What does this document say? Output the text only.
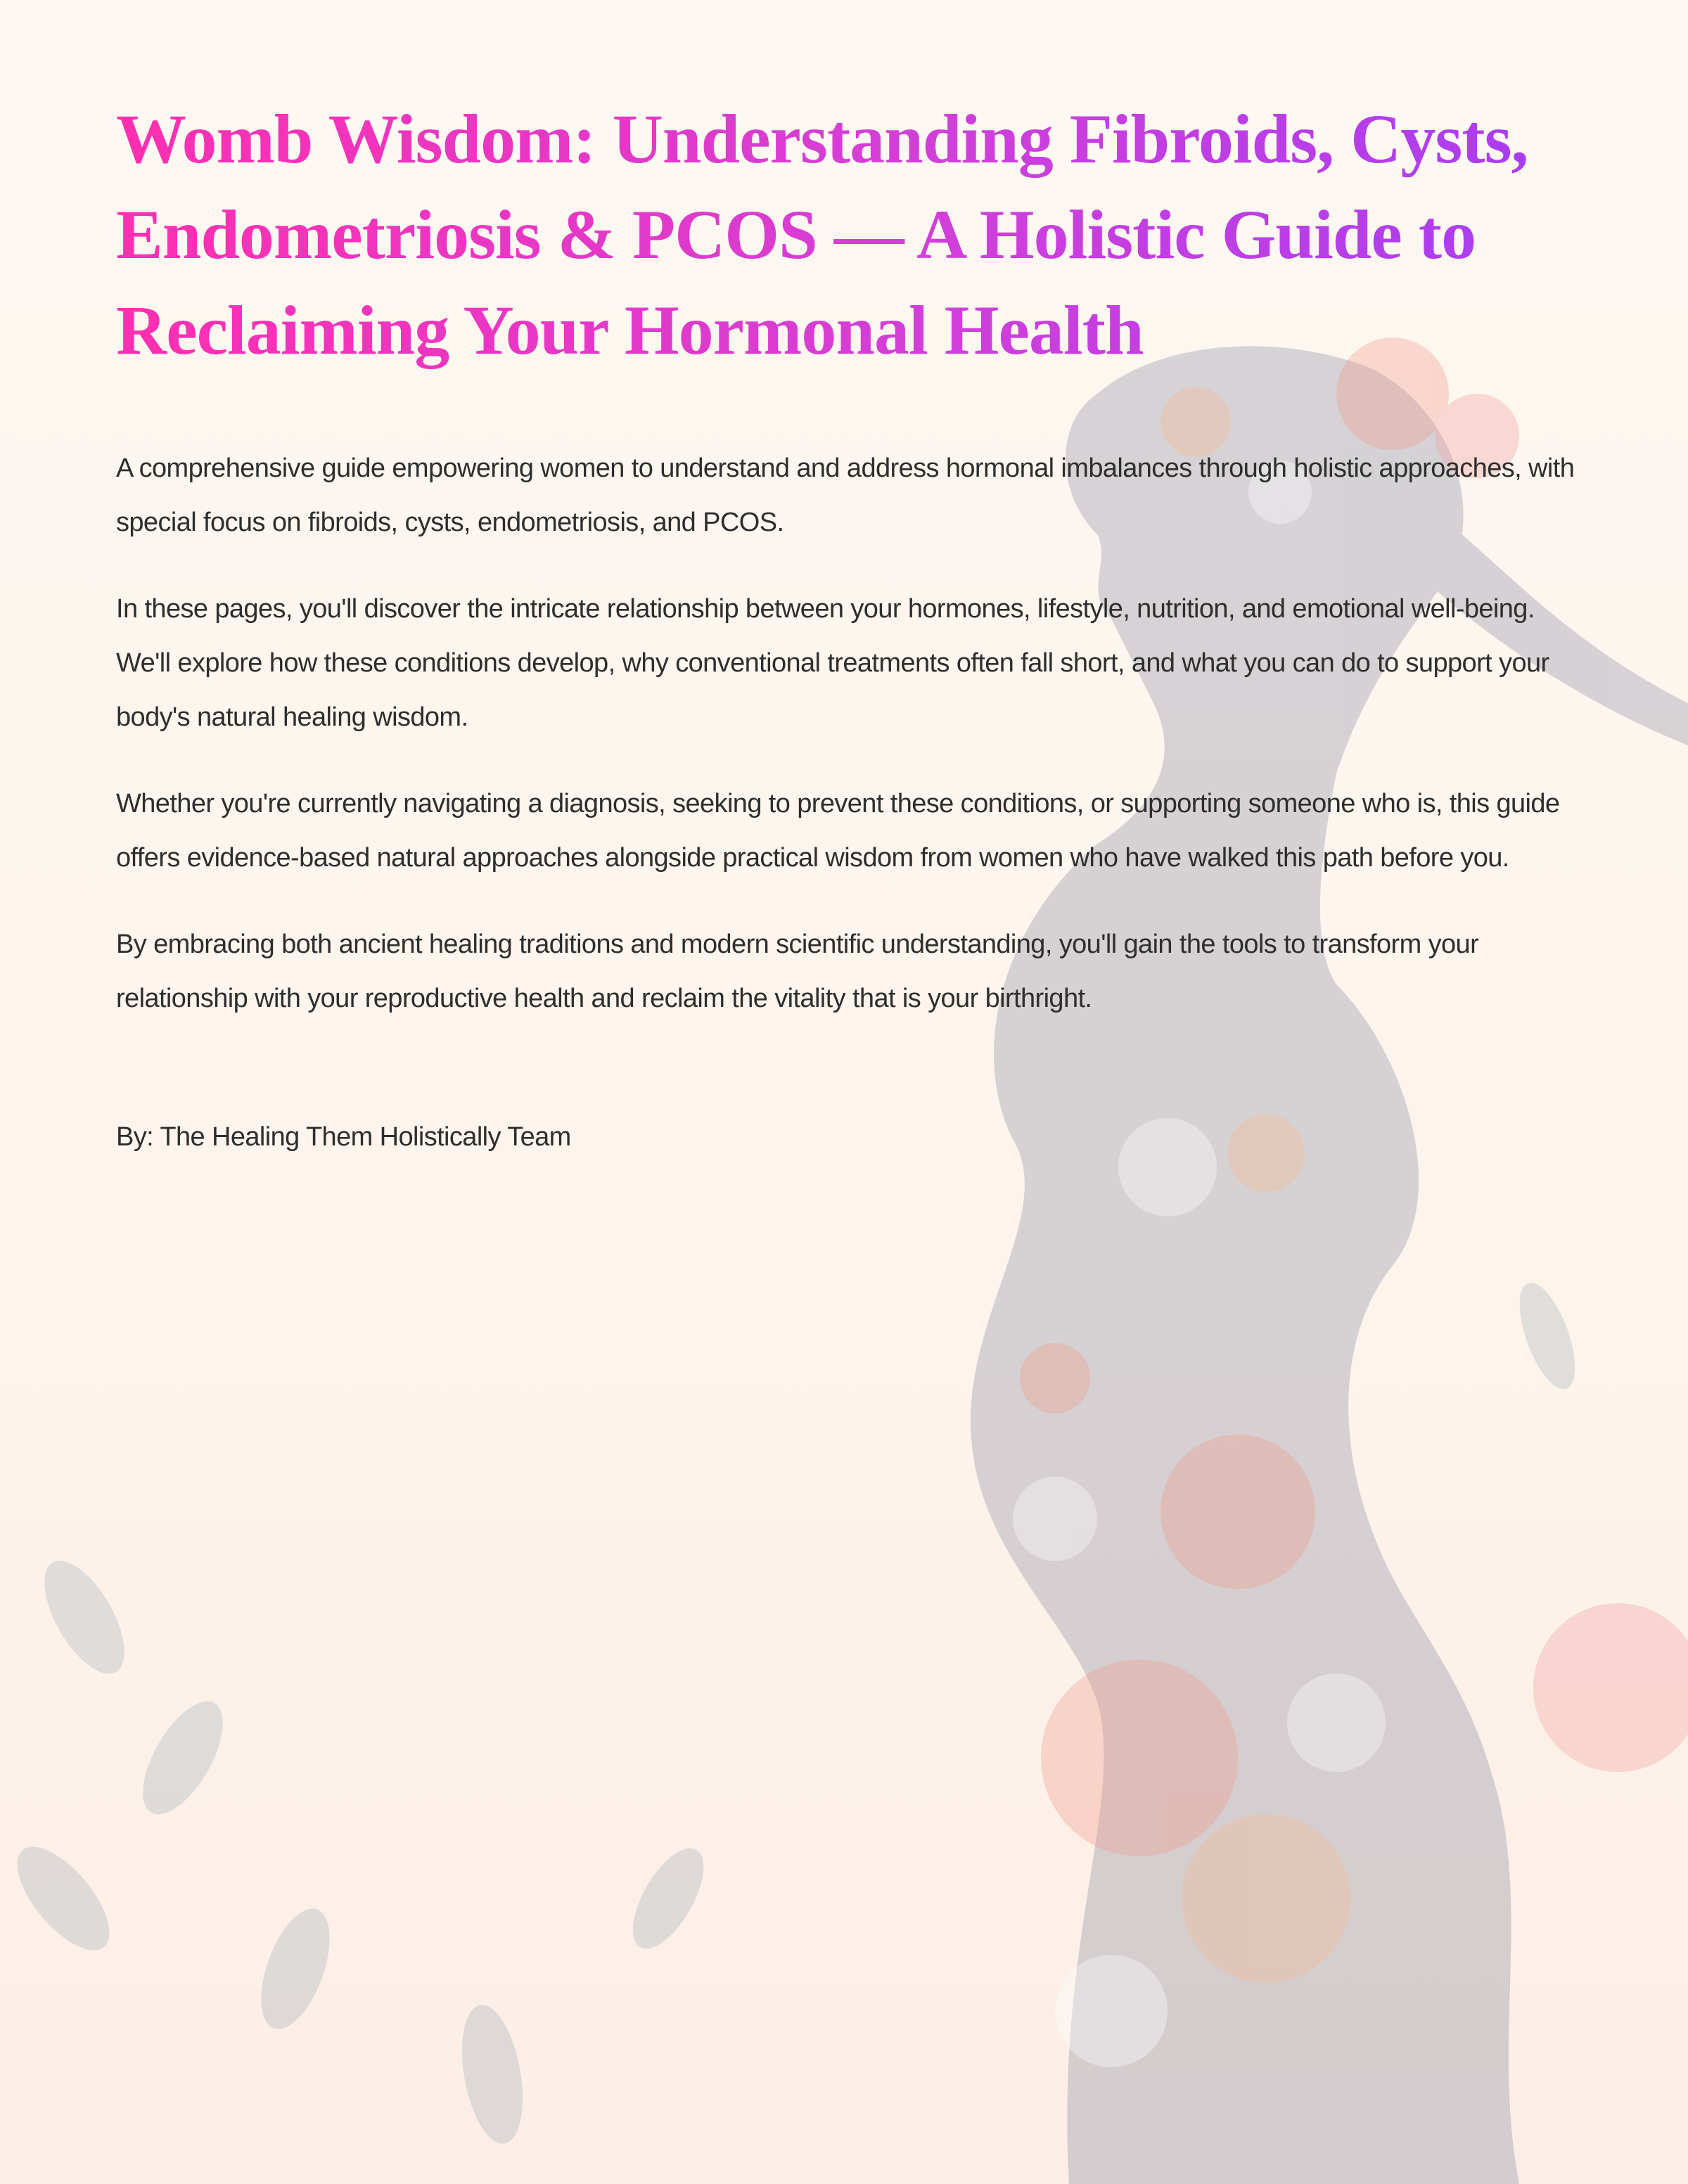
Womb Wisdom: Understanding Fibroids, Cysts, Endometriosis & PCOS — A Holistic Guide to Reclaiming Your Hormonal Health

A comprehensive guide empowering women to understand and address hormonal imbalances through holistic approaches, with special focus on fibroids, cysts, endometriosis, and PCOS.

In these pages, you'll discover the intricate relationship between your hormones, lifestyle, nutrition, and emotional well-being. We'll explore how these conditions develop, why conventional treatments often fall short, and what you can do to support your body's natural healing wisdom.

Whether you're currently navigating a diagnosis, seeking to prevent these conditions, or supporting someone who is, this guide offers evidence-based natural approaches alongside practical wisdom from women who have walked this path before you.

By embracing both ancient healing traditions and modern scientific understanding, you'll gain the tools to transform your relationship with your reproductive health and reclaim the vitality that is your birthright.

By: The Healing Them Holistically Team
